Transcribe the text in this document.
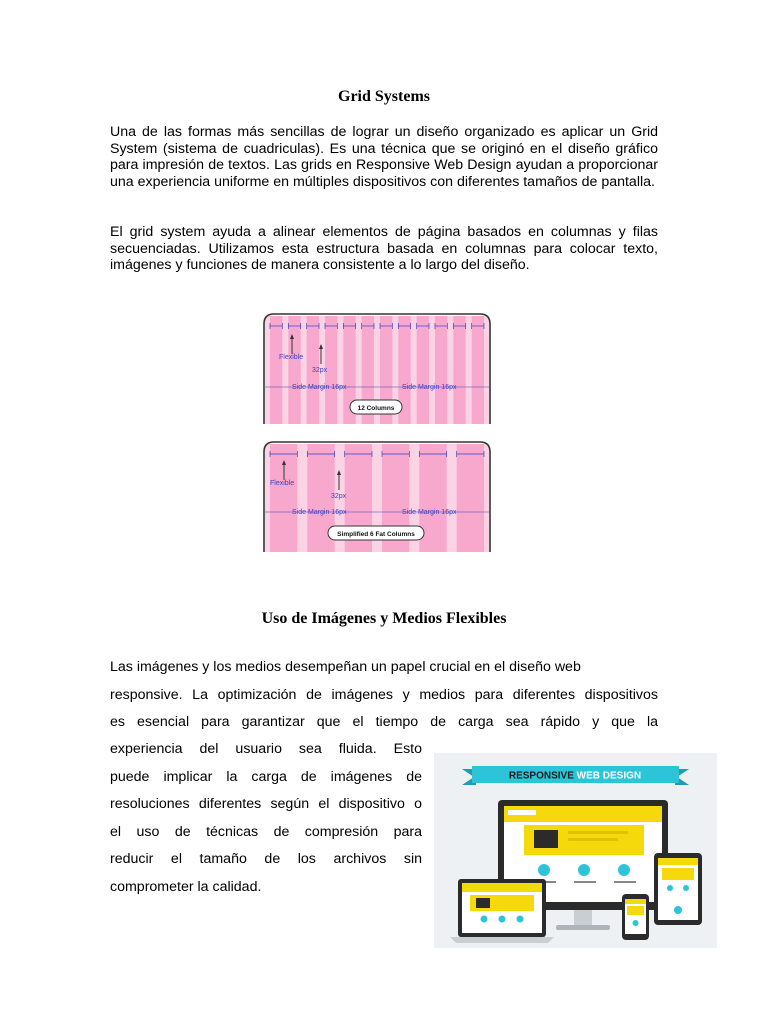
Grid Systems

Una de las formas más sencillas de lograr un diseño organizado es aplicar un Grid System (sistema de cuadriculas). Es una técnica que se originó en el diseño gráfico para impresión de textos. Las grids en Responsive Web Design ayudan a proporcionar una experiencia uniforme en múltiples dispositivos con diferentes tamaños de pantalla.

El grid system ayuda a alinear elementos de página basados en columnas y filas secuenciadas. Utilizamos esta estructura basada en columnas para colocar texto, imágenes y funciones de manera consistente a lo largo del diseño.

Flexible
32px
Side Margin 16px	Side Margin 16px
12 Columns
Flexible
32px
Side Margin 16px	Side Margin 16px
Simplified 6 Fat Columns
Uso de Imágenes y Medios Flexibles
Las imágenes y los medios desempeñan un papel crucial en el diseño web
responsive. La optimización de imágenes y medios para diferentes dispositivos
es esencial para garantizar que el tiempo de carga sea rápido y que la
experiencia del usuario sea fluida. Esto
puede implicar la carga de imágenes de
resoluciones diferentes según el dispositivo o
el uso de técnicas de compresión para
reducir el tamaño de los archivos sin
comprometer la calidad.
RESPONSIVE WEB DESIGN
